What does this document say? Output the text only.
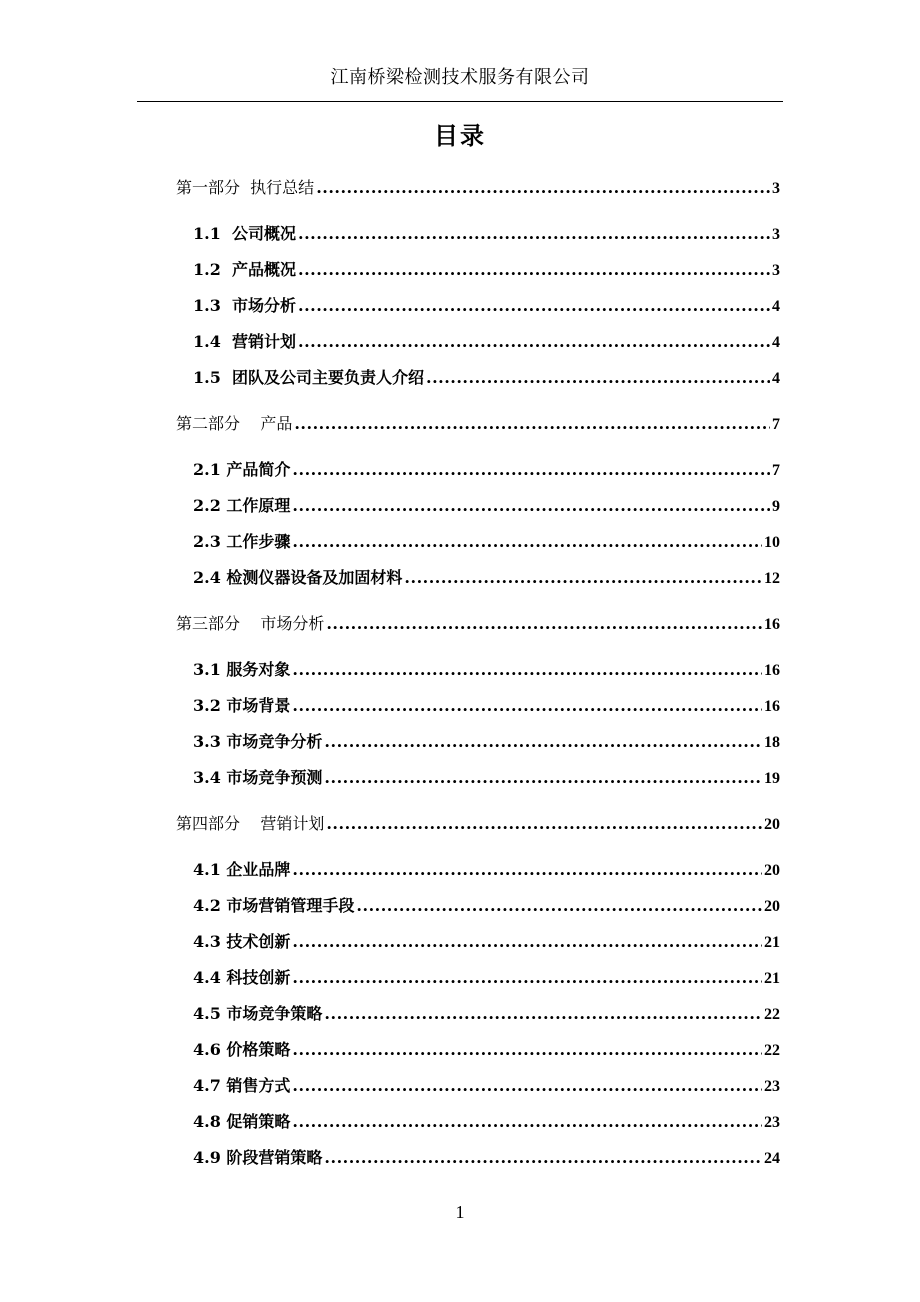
江南桥梁检测技术服务有限公司
目录
第一部分  执行总结 .....	3
1.1  公司概况 .....	3
1.2  产品概况 .....	3
1.3  市场分析 .....	4
1.4  营销计划 .....	4
1.5  团队及公司主要负责人介绍 .....	4
第二部分    产品 .....	7
2.1 产品简介 .....	7
2.2 工作原理 .....	9
2.3 工作步骤 .....	10
2.4 检测仪器设备及加固材料 .....	12
第三部分    市场分析 .....	16
3.1 服务对象 .....	16
3.2 市场背景 .....	16
3.3 市场竞争分析 .....	18
3.4 市场竞争预测 .....	19
第四部分    营销计划 .....	20
4.1 企业品牌 .....	20
4.2 市场营销管理手段 .....	20
4.3 技术创新 .....	21
4.4 科技创新 .....	21
4.5 市场竞争策略 .....	22
4.6 价格策略 .....	22
4.7 销售方式 .....	23
4.8 促销策略 .....	23
4.9 阶段营销策略 .....	24
1
